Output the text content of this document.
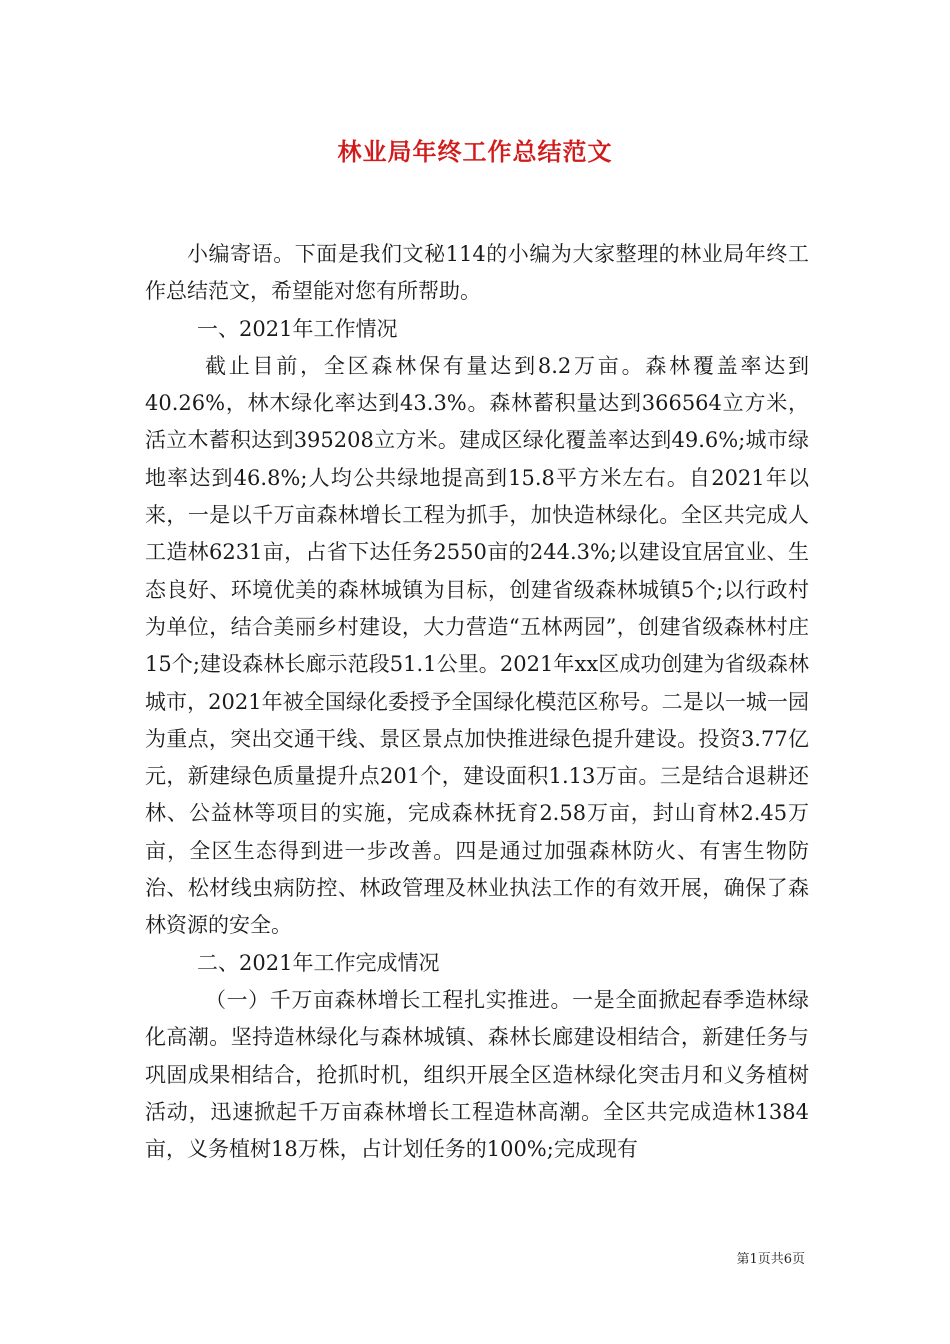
林业局年终工作总结范文

小编寄语。下面是我们文秘114的小编为大家整理的林业局年终工作总结范文，希望能对您有所帮助。

一、2021年工作情况

截止目前，全区森林保有量达到8.2万亩。森林覆盖率达到40.26%，林木绿化率达到43.3%。森林蓄积量达到366564立方米，活立木蓄积达到395208立方米。建成区绿化覆盖率达到49.6%;城市绿地率达到46.8%;人均公共绿地提高到15.8平方米左右。自2021年以来，一是以千万亩森林增长工程为抓手，加快造林绿化。全区共完成人工造林6231亩，占省下达任务2550亩的244.3%;以建设宜居宜业、生态良好、环境优美的森林城镇为目标，创建省级森林城镇5个;以行政村为单位，结合美丽乡村建设，大力营造“五林两园”，创建省级森林村庄15个;建设森林长廊示范段51.1公里。2021年xx区成功创建为省级森林城市，2021年被全国绿化委授予全国绿化模范区称号。二是以一城一园为重点，突出交通干线、景区景点加快推进绿色提升建设。投资3.77亿元，新建绿色质量提升点201个，建设面积1.13万亩。三是结合退耕还林、公益林等项目的实施，完成森林抚育2.58万亩，封山育林2.45万亩，全区生态得到进一步改善。四是通过加强森林防火、有害生物防治、松材线虫病防控、林政管理及林业执法工作的有效开展，确保了森林资源的安全。

二、2021年工作完成情况

（一）千万亩森林增长工程扎实推进。一是全面掀起春季造林绿化高潮。坚持造林绿化与森林城镇、森林长廊建设相结合，新建任务与巩固成果相结合，抢抓时机，组织开展全区造林绿化突击月和义务植树活动，迅速掀起千万亩森林增长工程造林高潮。全区共完成造林1384亩，义务植树18万株，占计划任务的100%;完成现有

第1页共6页
